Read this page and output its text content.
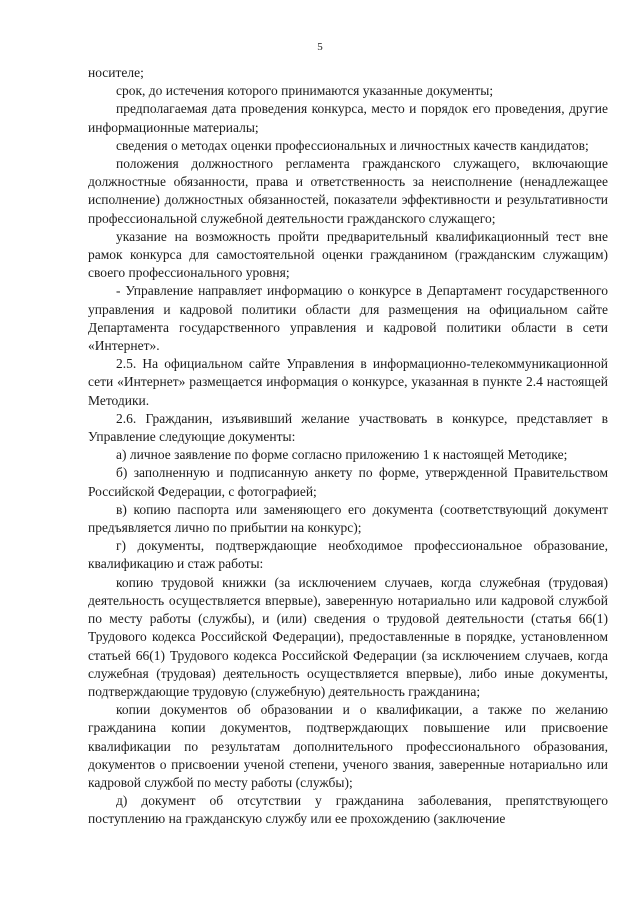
5

носителе;

срок, до истечения которого принимаются указанные документы;

предполагаемая дата проведения конкурса, место и порядок его проведения, другие информационные материалы;

сведения о методах оценки профессиональных и личностных качеств кандидатов;

положения должностного регламента гражданского служащего, включающие должностные обязанности, права и ответственность за неисполнение (ненадлежащее исполнение) должностных обязанностей, показатели эффективности и результативности профессиональной служебной деятельности гражданского служащего;

указание на возможность пройти предварительный квалификационный тест вне рамок конкурса для самостоятельной оценки гражданином (гражданским служащим) своего профессионального уровня;

- Управление направляет информацию о конкурсе в Департамент государственного управления и кадровой политики области для размещения на официальном сайте Департамента государственного управления и кадровой политики области в сети «Интернет».

2.5. На официальном сайте Управления в информационно-телекоммуникационной сети «Интернет» размещается информация о конкурсе, указанная в пункте 2.4 настоящей Методики.

2.6. Гражданин, изъявивший желание участвовать в конкурсе, представляет в Управление следующие документы:

а) личное заявление по форме согласно приложению 1 к настоящей Методике;

б) заполненную и подписанную анкету по форме, утвержденной Правительством Российской Федерации, с фотографией;

в) копию паспорта или заменяющего его документа (соответствующий документ предъявляется лично по прибытии на конкурс);

г) документы, подтверждающие необходимое профессиональное образование, квалификацию и стаж работы:

копию трудовой книжки (за исключением случаев, когда служебная (трудовая) деятельность осуществляется впервые), заверенную нотариально или кадровой службой по месту работы (службы), и (или) сведения о трудовой деятельности (статья 66(1) Трудового кодекса Российской Федерации), предоставленные в порядке, установленном статьей 66(1) Трудового кодекса Российской Федерации (за исключением случаев, когда служебная (трудовая) деятельность осуществляется впервые), либо иные документы, подтверждающие трудовую (служебную) деятельность гражданина;

копии документов об образовании и о квалификации, а также по желанию гражданина копии документов, подтверждающих повышение или присвоение квалификации по результатам дополнительного профессионального образования, документов о присвоении ученой степени, ученого звания, заверенные нотариально или кадровой службой по месту работы (службы);

д) документ об отсутствии у гражданина заболевания, препятствующего поступлению на гражданскую службу или ее прохождению (заключение
